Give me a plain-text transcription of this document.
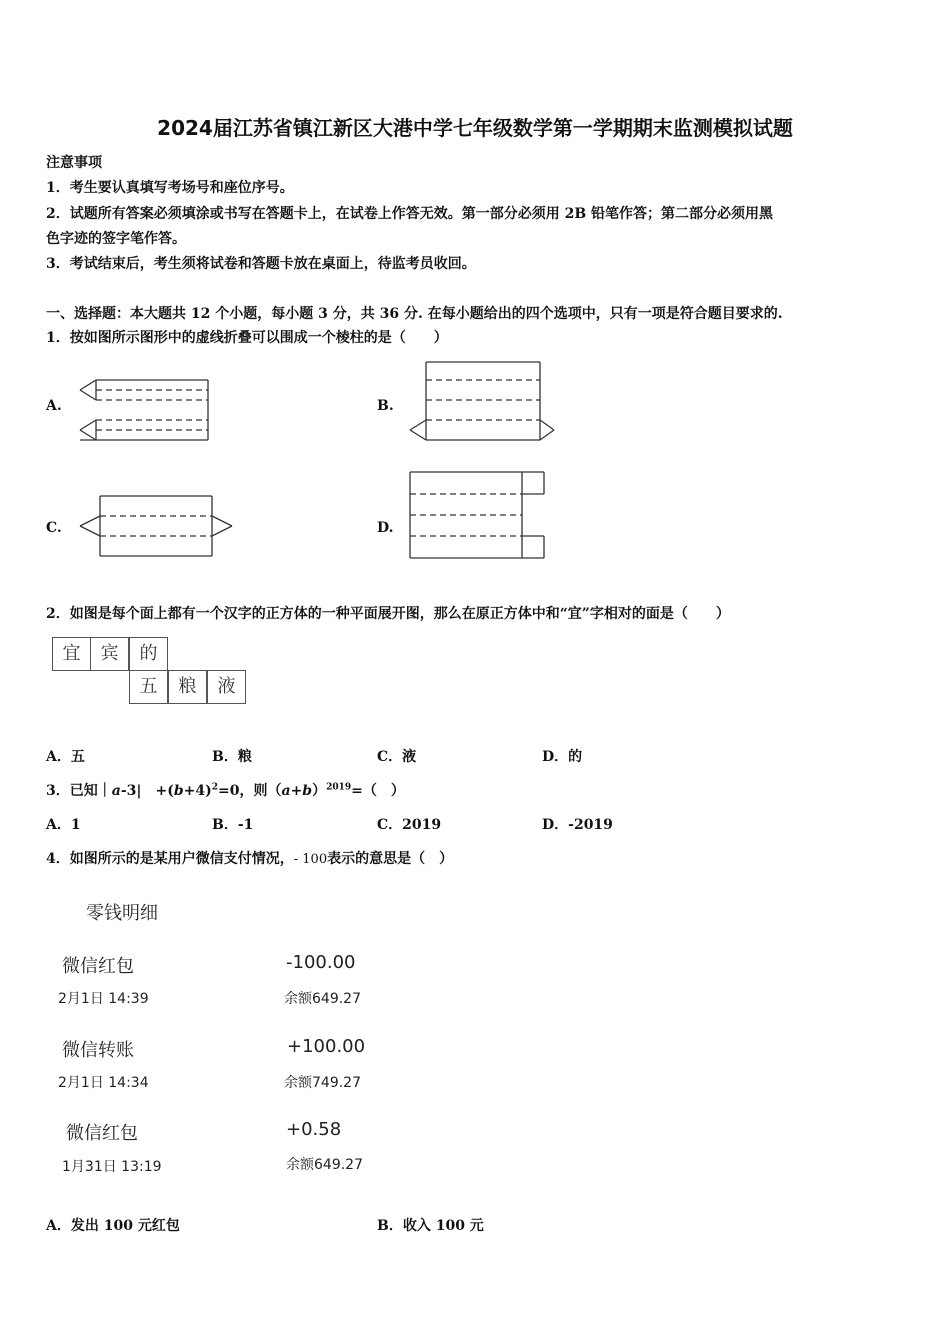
2024届江苏省镇江新区大港中学七年级数学第一学期期末监测模拟试题
注意事项
1．考生要认真填写考场号和座位序号。
2．试题所有答案必须填涂或书写在答题卡上，在试卷上作答无效。第一部分必须用 2B 铅笔作答；第二部分必须用黑
色字迹的签字笔作答。
3．考试结束后，考生须将试卷和答题卡放在桌面上，待监考员收回。
一、选择题：本大题共 12 个小题，每小题 3 分，共 36 分. 在每小题给出的四个选项中，只有一项是符合题目要求的.
1．按如图所示图形中的虚线折叠可以围成一个棱柱的是（　　）
A.	B.
C.	D.
2．如图是每个面上都有一个汉字的正方体的一种平面展开图，那么在原正方体中和“宜”字相对的面是（　　）
宜	宾	的
五	粮	液
A．五	B．粮	C．液	D．的
3．已知｜a-3|　$+(b+4)^2=0$，则$(a+b)^{2019}=$（　）
A．1	B．-1	C．2019	D．-2019
4．如图所示的是某用户微信支付情况，- 100表示的意思是（　）
零钱明细
微信红包	-100.00
2月1日 14:39	余额649.27
微信转账	+100.00
2月1日 14:34	余额749.27
微信红包	+0.58
1月31日 13:19	余额649.27
A．发出 100 元红包	B．收入 100 元
